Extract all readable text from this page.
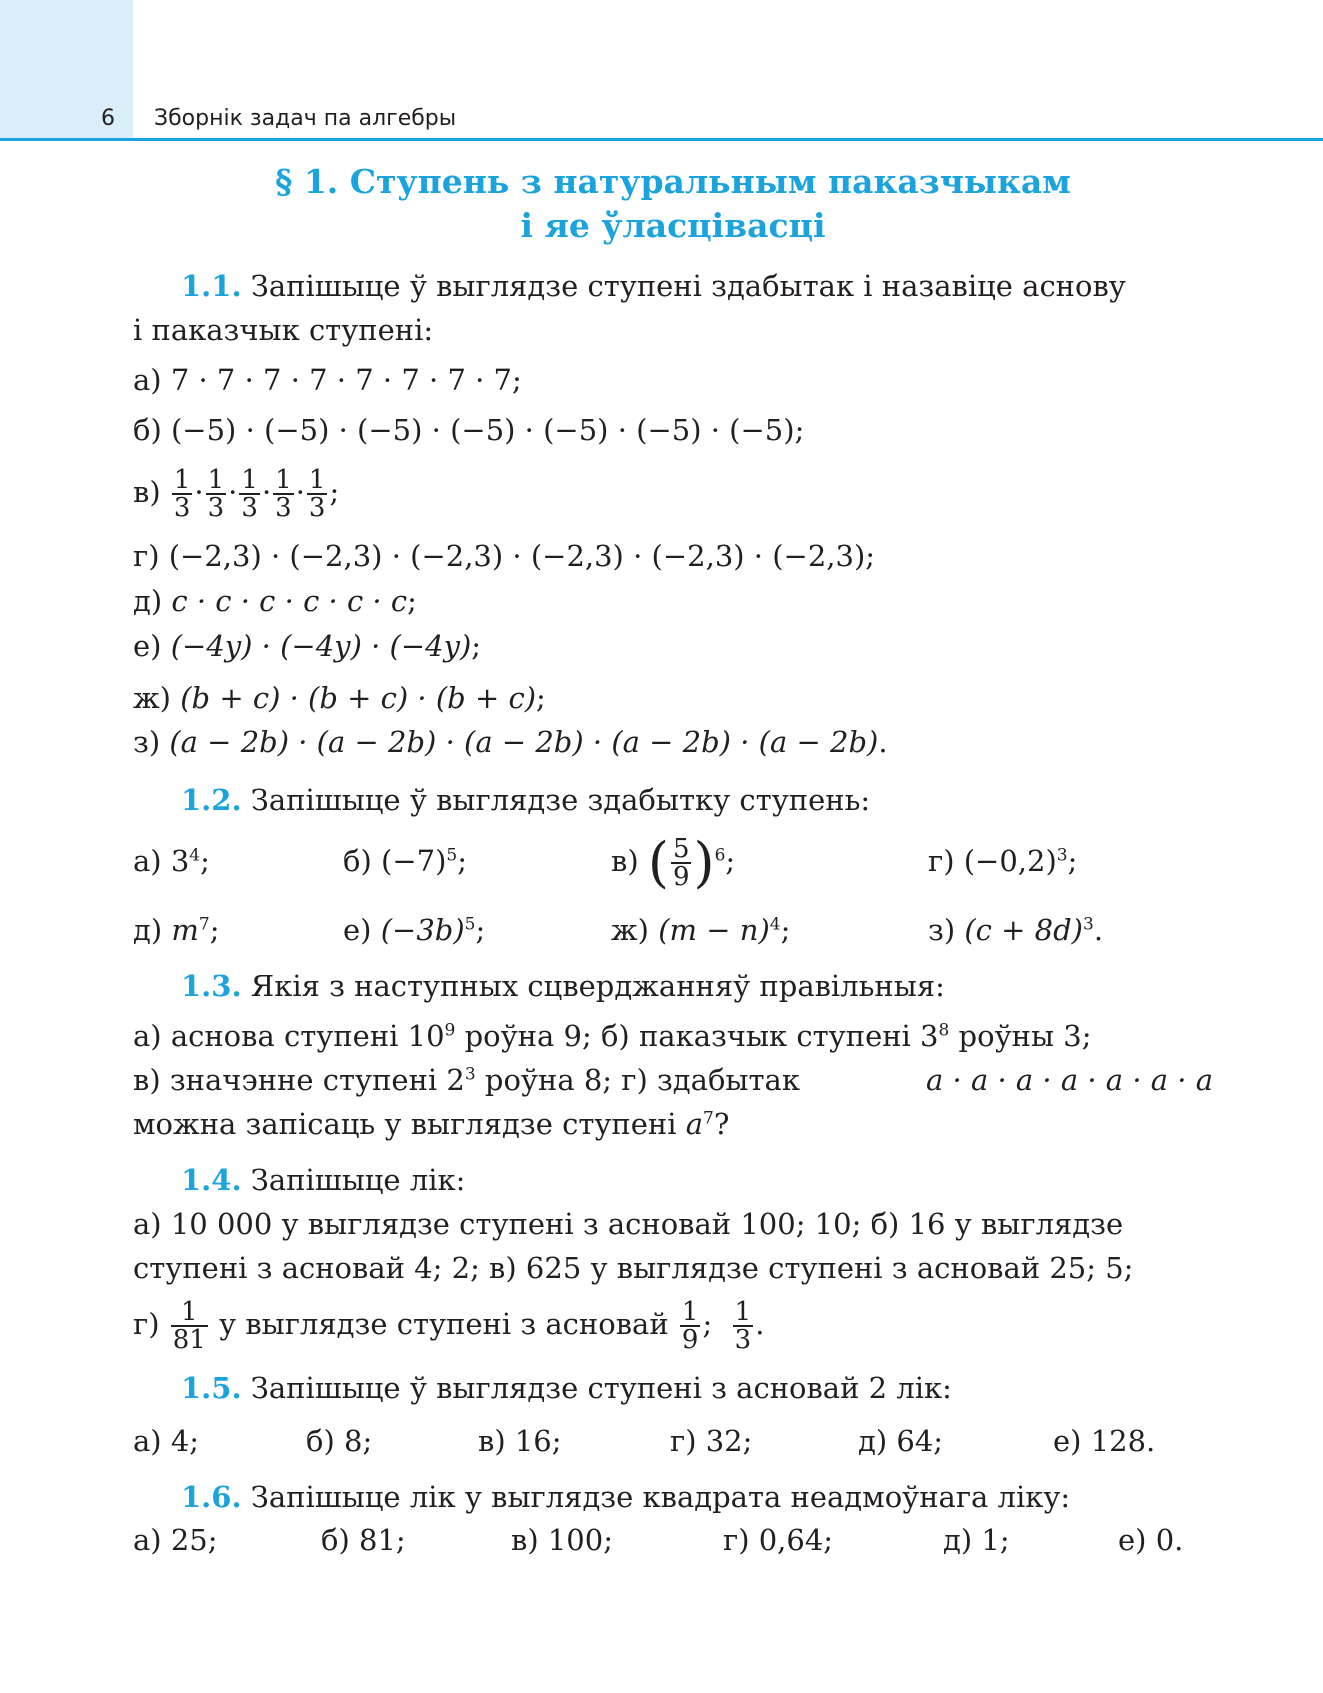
6 Зборнік задач па алгебры
§ 1. Ступень з натуральным паказчыкам
і яе ўласцівасці
1.1. Запішыце ў выглядзе ступені здабытак і назавіце аснову
і паказчык ступені:
а) 7 · 7 · 7 · 7 · 7 · 7 · 7 · 7;
б) (−5) · (−5) · (−5) · (−5) · (−5) · (−5) · (−5);
$в) \frac{1}{3} \cdot \frac{1}{3} \cdot \frac{1}{3} \cdot \frac{1}{3} \cdot \frac{1}{3}$ ;
г) (−2,3) · (−2,3) · (−2,3) · (−2,3) · (−2,3) · (−2,3);
д) c · c · c · c · c · c;
е) (−4y) · (−4y) · (−4y);
ж) (b + c) · (b + c) · (b + c);
з) (a − 2b) · (a − 2b) · (a − 2b) · (a − 2b) · (a − 2b).
1.2. Запішыце ў выглядзе здабытку ступень:
а) $3^4$;	б) $(-7)^5$;	в) ( $\frac{5}{9} )^6$;	г) $(-0,2)^3$;
д) $m^7$;	е) $(-3b)^5$;	ж) $(m - n)^4$;	з) $(c + 8d)^3$.
1.3. Якія з наступных сцверджанняў правільныя:
а) аснова ступені $10^9$ роўна 9; б) паказчык ступені $3^8$ роўны 3;
в) значэнне ступені $2^3$ роўна 8; г) здабытак	a · a · a · a · a · a · a
можна запісаць у выглядзе ступені $a^7$?
1.4. Запішыце лік:
а) 10 000 у выглядзе ступені з асновай 100; 10; б) 16 у выглядзе
ступені з асновай 4; 2; в) 625 у выглядзе ступені з асновай 25; 5;
$г) \frac{1}{81}$ у выглядзе ступені з асновай $\frac{1}{9}$ ; $\frac{1}{3}$ .
1.5. Запішыце ў выглядзе ступені з асновай 2 лік:
а) 4;	б) 8;	в) 16;	г) 32;	д) 64;	е) 128.
1.6. Запішыце лік у выглядзе квадрата неадмоўнага ліку:
а) 25;	б) 81;	в) 100;	г) 0,64;	д) 1;	е) 0.
